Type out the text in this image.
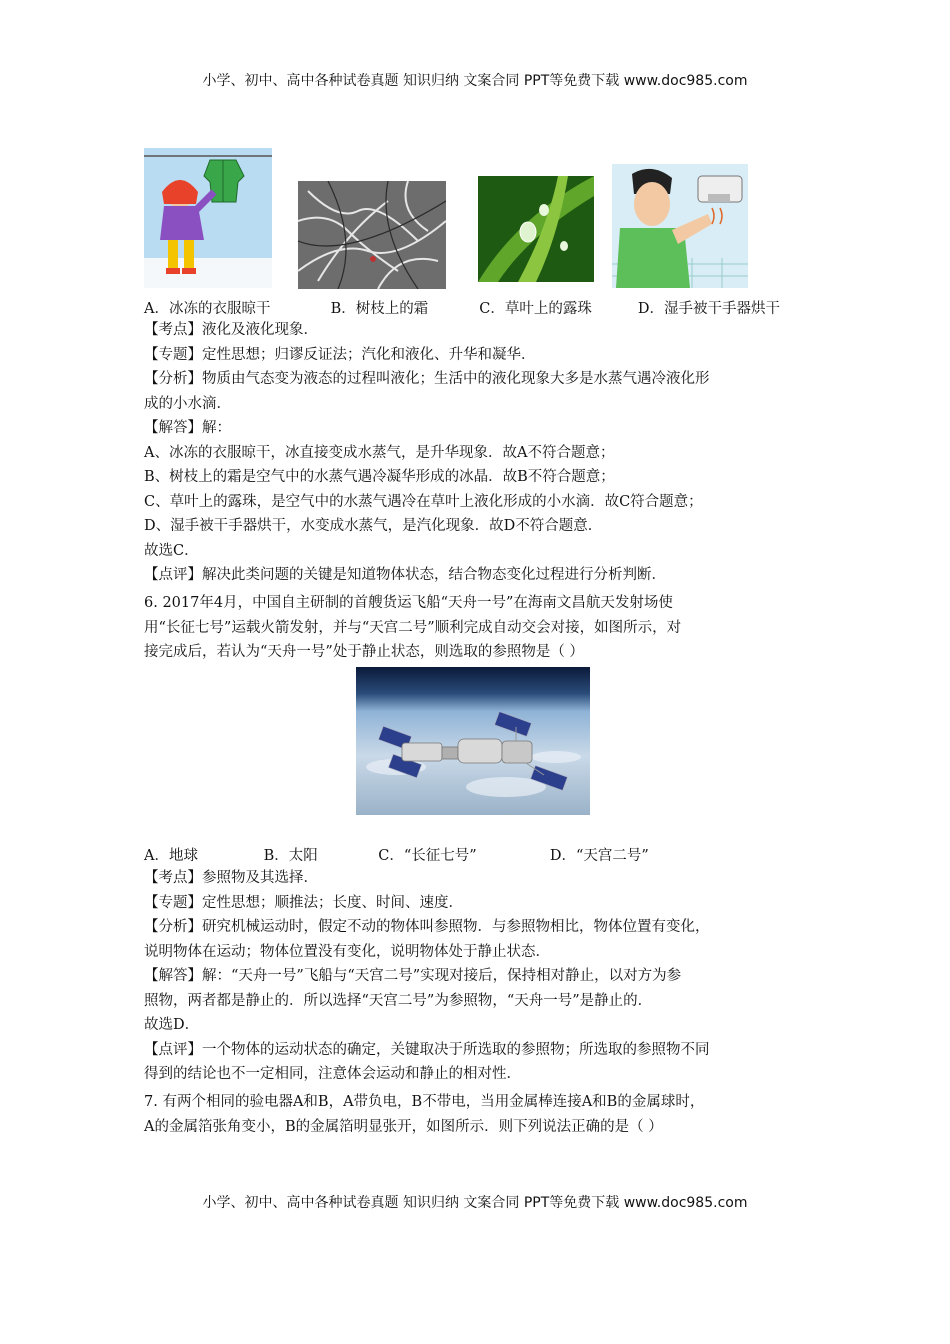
小学、初中、高中各种试卷真题 知识归纳 文案合同 PPT等免费下载 www.doc985.com
A．冰冻的衣服晾干	B．树枝上的霜	C．草叶上的露珠	D．湿手被干手器烘干
【考点】液化及液化现象．
【专题】定性思想；归谬反证法；汽化和液化、升华和凝华．
【分析】物质由气态变为液态的过程叫液化；生活中的液化现象大多是水蒸气遇冷液化形
成的小水滴．
【解答】解：
A、冰冻的衣服晾干，冰直接变成水蒸气，是升华现象．故A不符合题意；
B、树枝上的霜是空气中的水蒸气遇冷凝华形成的冰晶．故B不符合题意；
C、草叶上的露珠，是空气中的水蒸气遇冷在草叶上液化形成的小水滴．故C符合题意；
D、湿手被干手器烘干，水变成水蒸气，是汽化现象．故D不符合题意．
故选C．
【点评】解决此类问题的关键是知道物体状态，结合物态变化过程进行分析判断．
6. 2017年4月，中国自主研制的首艘货运飞船“天舟一号”在海南文昌航天发射场使
用“长征七号”运载火箭发射，并与“天宫二号”顺利完成自动交会对接，如图所示，对
接完成后，若认为“天舟一号”处于静止状态，则选取的参照物是（ ）
A．地球	B．太阳	C．“长征七号”	D．“天宫二号”
【考点】参照物及其选择．
【专题】定性思想；顺推法；长度、时间、速度．
【分析】研究机械运动时，假定不动的物体叫参照物．与参照物相比，物体位置有变化，
说明物体在运动；物体位置没有变化，说明物体处于静止状态．
【解答】解：“天舟一号”飞船与“天宫二号”实现对接后，保持相对静止，以对方为参
照物，两者都是静止的．所以选择“天宫二号”为参照物，“天舟一号”是静止的．
故选D．
【点评】一个物体的运动状态的确定，关键取决于所选取的参照物；所选取的参照物不同
得到的结论也不一定相同，注意体会运动和静止的相对性．
7. 有两个相同的验电器A和B，A带负电，B不带电，当用金属棒连接A和B的金属球时，
A的金属箔张角变小，B的金属箔明显张开，如图所示．则下列说法正确的是（ ）
小学、初中、高中各种试卷真题 知识归纳 文案合同 PPT等免费下载 www.doc985.com
